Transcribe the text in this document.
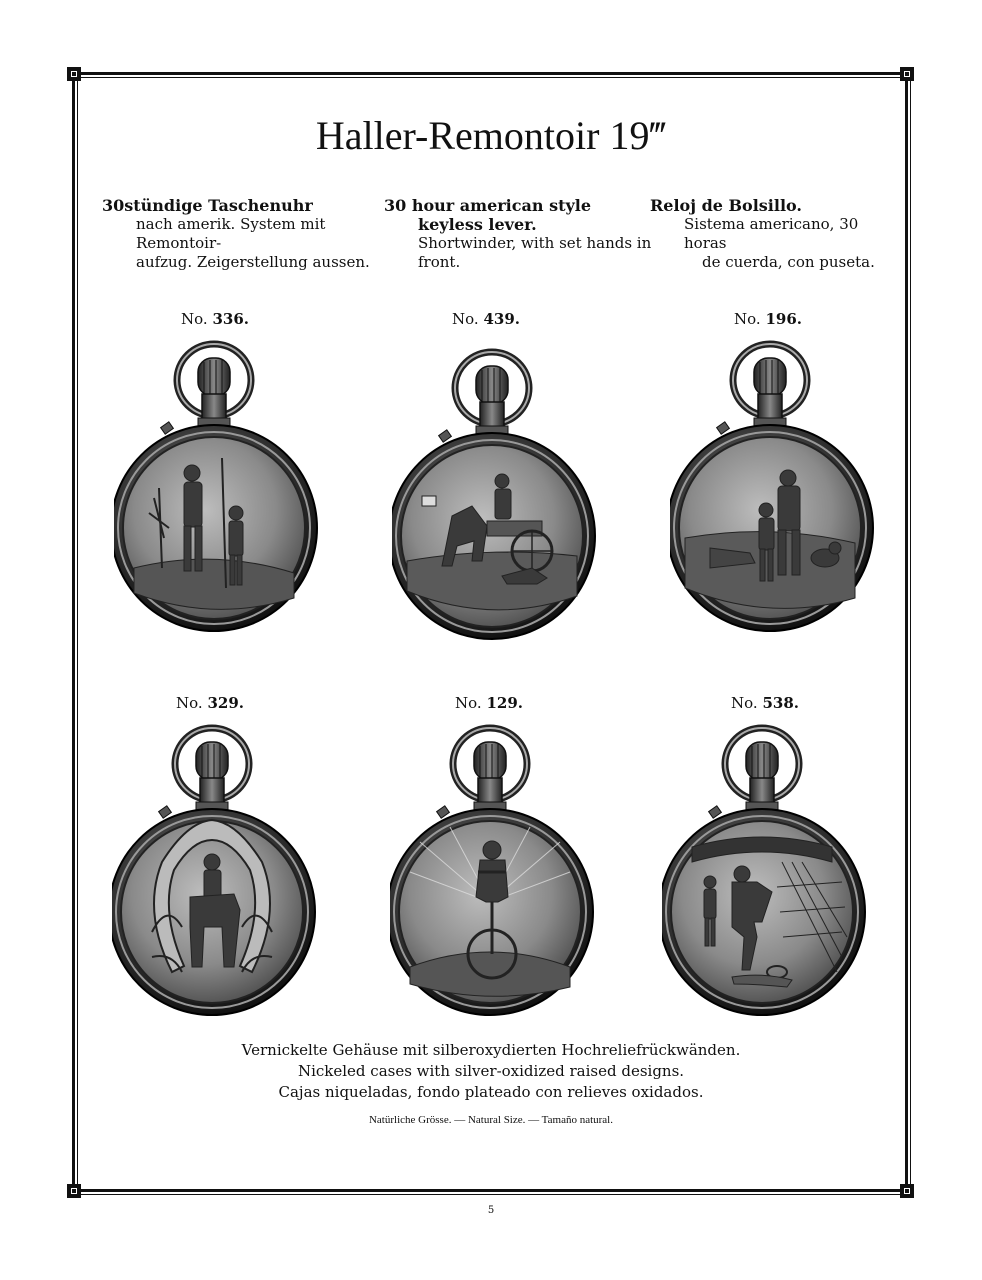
Haller-Remontoir 19‴
30stündige Taschenuhr
nach amerik. System mit Remontoir-
aufzug. Zeigerstellung aussen.
30 hour american style
keyless lever.
Shortwinder, with set hands in front.
Reloj de Bolsillo.
Sistema americano, 30 horas
de cuerda, con puseta.
No. 336.	No. 439.	No. 196.
No. 329.	No. 129.	No. 538.
Vernickelte Gehäuse mit silberoxydierten Hochreliefrückwänden.
Nickeled cases with silver-oxidized raised designs.
Cajas niqueladas, fondo plateado con relieves oxidados.
Natürliche Grösse. — Natural Size. — Tamaño natural.
5
